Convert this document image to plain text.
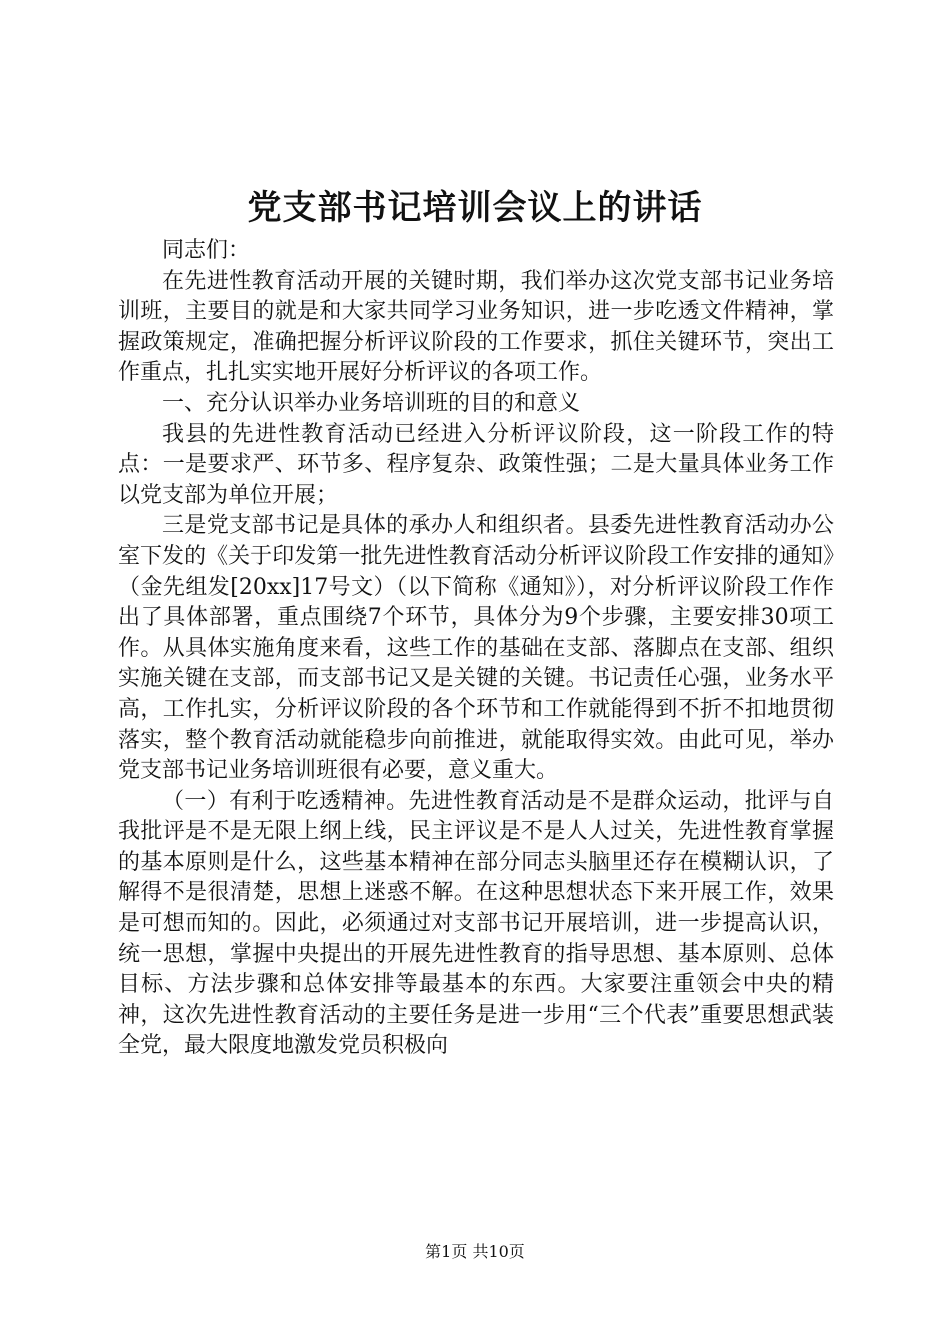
党支部书记培训会议上的讲话

同志们：

在先进性教育活动开展的关键时期，我们举办这次党支部书记业务培训班，主要目的就是和大家共同学习业务知识，进一步吃透文件精神，掌握政策规定，准确把握分析评议阶段的工作要求，抓住关键环节，突出工作重点，扎扎实实地开展好分析评议的各项工作。

一、充分认识举办业务培训班的目的和意义

我县的先进性教育活动已经进入分析评议阶段，这一阶段工作的特点：一是要求严、环节多、程序复杂、政策性强；二是大量具体业务工作以党支部为单位开展；

三是党支部书记是具体的承办人和组织者。县委先进性教育活动办公室下发的《关于印发第一批先进性教育活动分析评议阶段工作安排的通知》（金先组发[20xx]17号文）（以下简称《通知》），对分析评议阶段工作作出了具体部署，重点围绕7个环节，具体分为9个步骤，主要安排30项工作。从具体实施角度来看，这些工作的基础在支部、落脚点在支部、组织实施关键在支部，而支部书记又是关键的关键。书记责任心强，业务水平高，工作扎实，分析评议阶段的各个环节和工作就能得到不折不扣地贯彻落实，整个教育活动就能稳步向前推进，就能取得实效。由此可见，举办党支部书记业务培训班很有必要，意义重大。

（一）有利于吃透精神。先进性教育活动是不是群众运动，批评与自我批评是不是无限上纲上线，民主评议是不是人人过关，先进性教育掌握的基本原则是什么，这些基本精神在部分同志头脑里还存在模糊认识，了解得不是很清楚，思想上迷惑不解。在这种思想状态下来开展工作，效果是可想而知的。因此，必须通过对支部书记开展培训，进一步提高认识，统一思想，掌握中央提出的开展先进性教育的指导思想、基本原则、总体目标、方法步骤和总体安排等最基本的东西。大家要注重领会中央的精神，这次先进性教育活动的主要任务是进一步用“三个代表”重要思想武装全党，最大限度地激发党员积极向

第1页 共10页
